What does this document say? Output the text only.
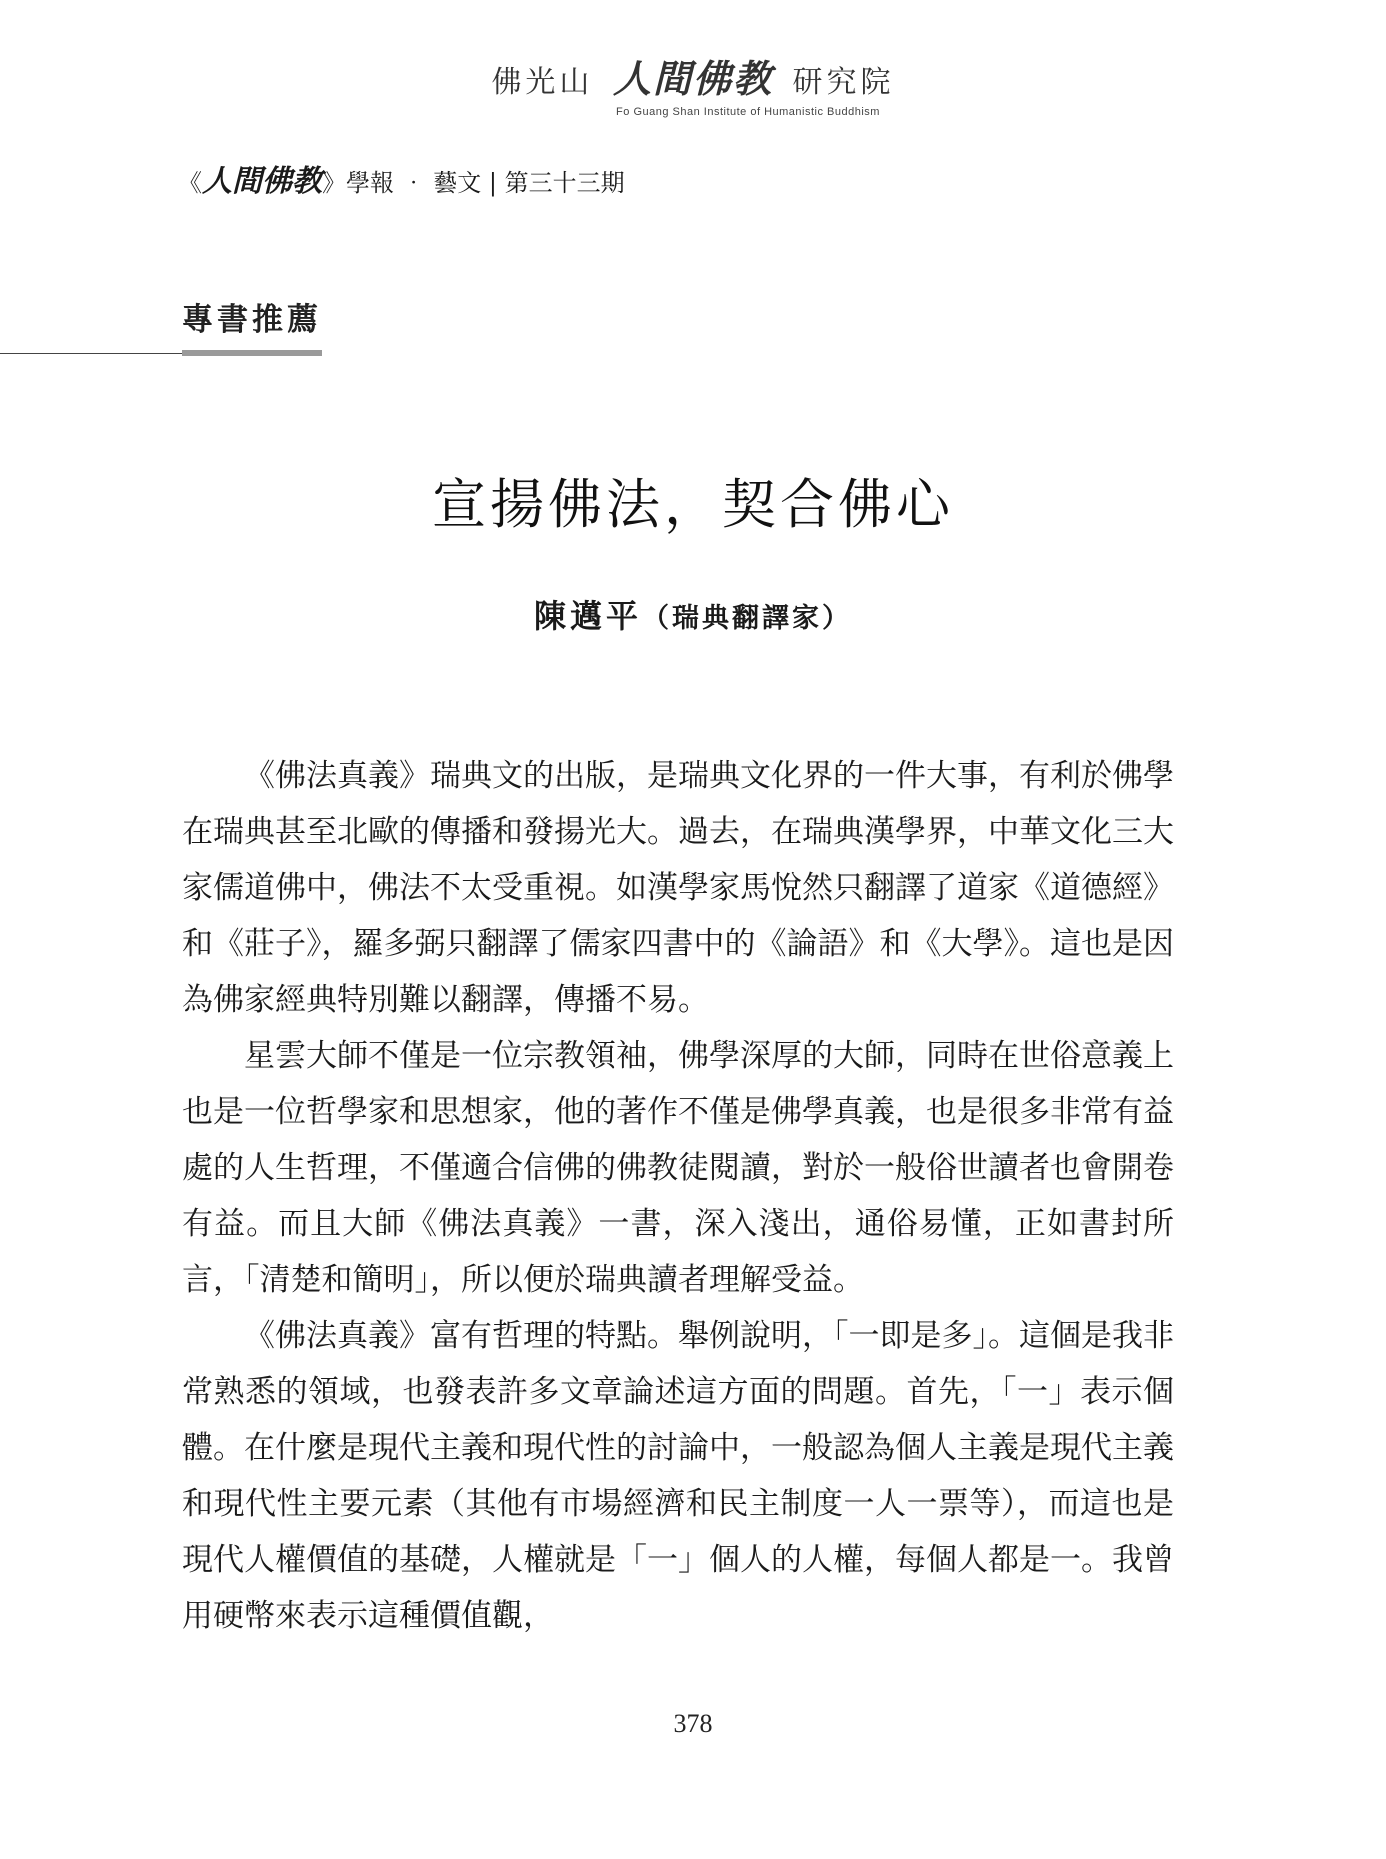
佛光山 人間佛教 研究院
Fo Guang Shan Institute of Humanistic Buddhism
《人間佛教》學報 ‧ 藝文 | 第三十三期
專書推薦
宣揚佛法，契合佛心
陳邁平（瑞典翻譯家）

《佛法真義》瑞典文的出版，是瑞典文化界的一件大事，有利於佛學在瑞典甚至北歐的傳播和發揚光大。過去，在瑞典漢學界，中華文化三大家儒道佛中，佛法不太受重視。如漢學家馬悅然只翻譯了道家《道德經》和《莊子》，羅多弼只翻譯了儒家四書中的《論語》和《大學》。這也是因為佛家經典特別難以翻譯，傳播不易。

星雲大師不僅是一位宗教領袖，佛學深厚的大師，同時在世俗意義上也是一位哲學家和思想家，他的著作不僅是佛學真義，也是很多非常有益處的人生哲理，不僅適合信佛的佛教徒閱讀，對於一般俗世讀者也會開卷有益。而且大師《佛法真義》一書，深入淺出，通俗易懂，正如書封所言，「清楚和簡明」，所以便於瑞典讀者理解受益。

《佛法真義》富有哲理的特點。舉例說明，「一即是多」。這個是我非常熟悉的領域，也發表許多文章論述這方面的問題。首先，「一」表示個體。在什麼是現代主義和現代性的討論中，一般認為個人主義是現代主義和現代性主要元素（其他有市場經濟和民主制度一人一票等），而這也是現代人權價值的基礎，人權就是「一」個人的人權，每個人都是一。我曾用硬幣來表示這種價值觀，

378
